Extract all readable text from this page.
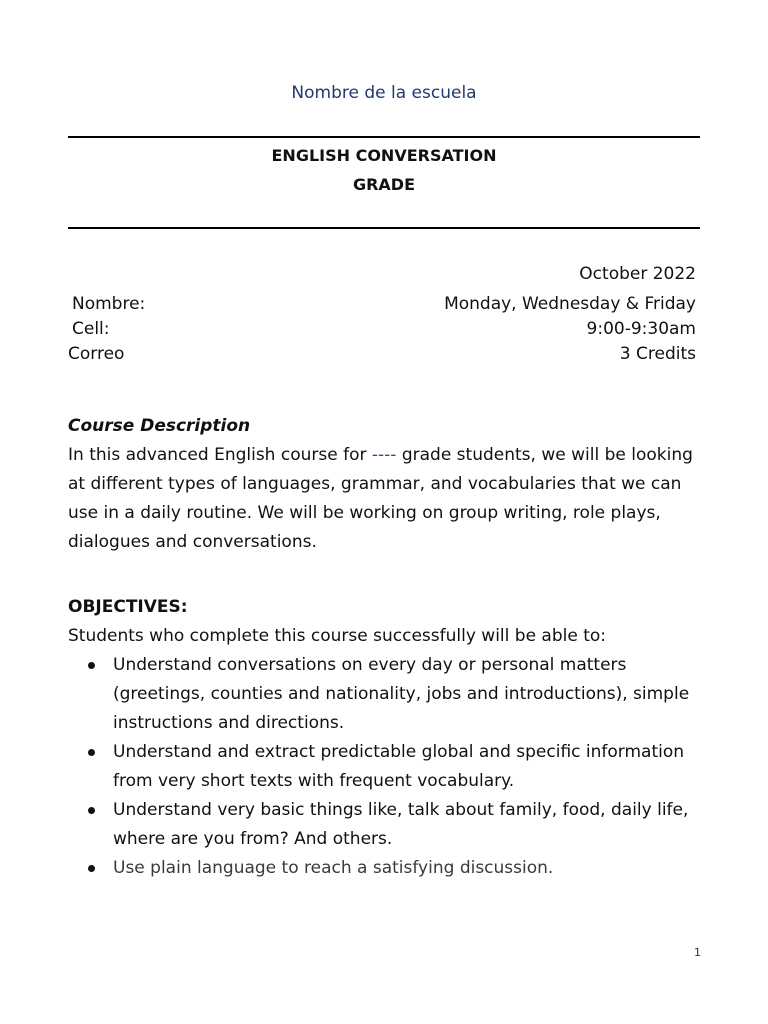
Nombre de la escuela
ENGLISH CONVERSATION
GRADE
October 2022
Nombre:	Monday, Wednesday & Friday
Cell:	9:00-9:30am
Correo	3 Credits
Course Description
In this advanced English course for ---- grade students, we will be looking at different types of languages, grammar, and vocabularies that we can use in a daily routine. We will be working on group writing, role plays, dialogues and conversations.
OBJECTIVES:
Students who complete this course successfully will be able to:
Understand conversations on every day or personal matters (greetings, counties and nationality, jobs and introductions), simple instructions and directions.
Understand and extract predictable global and specific information from very short texts with frequent vocabulary.
Understand very basic things like, talk about family, food, daily life, where are you from? And others.
Use plain language to reach a satisfying discussion.
1
